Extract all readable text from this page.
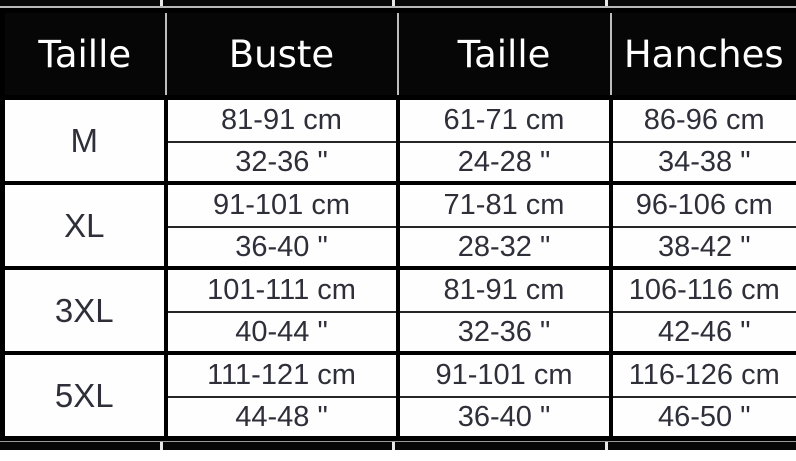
Taille	Buste	Taille	Hanches
M	81-91 cm	61-71 cm	86-96 cm
	32-36 "	24-28 "	34-38 "
XL	91-101 cm	71-81 cm	96-106 cm
	36-40 "	28-32 "	38-42 "
3XL	101-111 cm	81-91 cm	106-116 cm
	40-44 "	32-36 "	42-46 "
5XL	111-121 cm	91-101 cm	116-126 cm
	44-48 "	36-40 "	46-50 "
